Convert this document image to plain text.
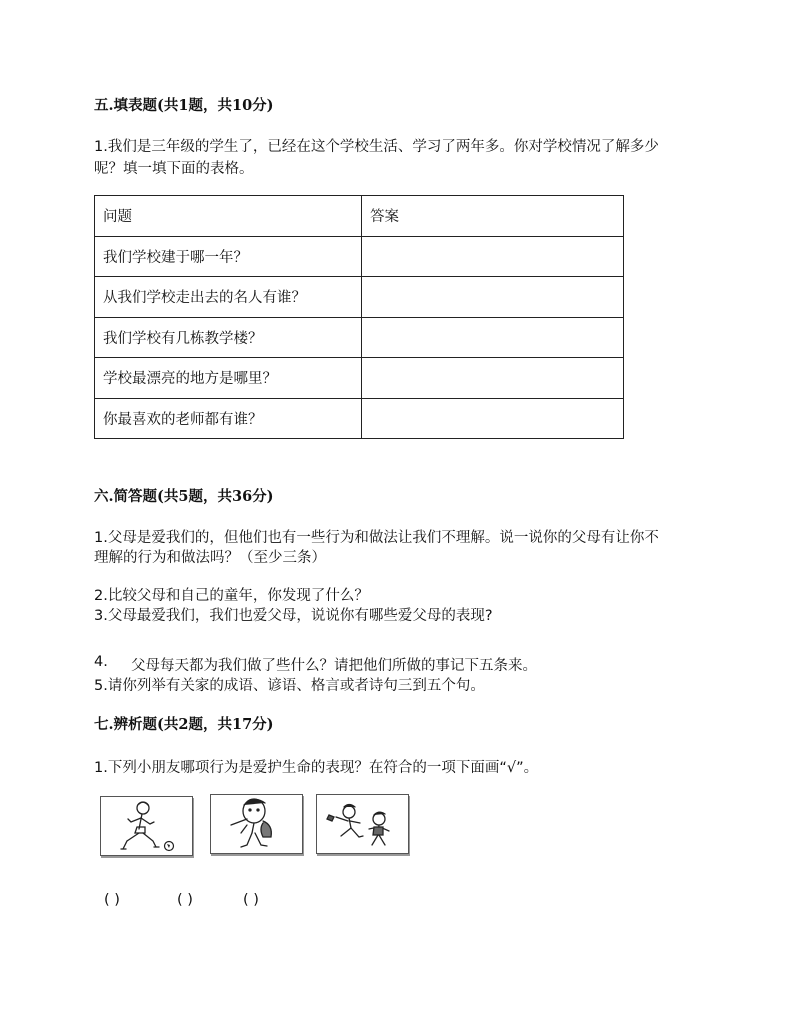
五.填表题(共1题，共10分)
1.我们是三年级的学生了，已经在这个学校生活、学习了两年多。你对学校情况了解多少
呢？填一填下面的表格。
问题	答案
我们学校建于哪一年？	
从我们学校走出去的名人有谁？	
我们学校有几栋教学楼？	
学校最漂亮的地方是哪里？	
你最喜欢的老师都有谁？	
六.简答题(共5题，共36分)
1.父母是爱我们的，但他们也有一些行为和做法让我们不理解。说一说你的父母有让你不
理解的行为和做法吗？（至少三条）
2.比较父母和自己的童年，你发现了什么？
3.父母最爱我们，我们也爱父母，说说你有哪些爱父母的表现?
4. 父母每天都为我们做了些什么？请把他们所做的事记下五条来。
5.请你列举有关家的成语、谚语、格言或者诗句三到五个句。
七.辨析题(共2题，共17分)
1.下列小朋友哪项行为是爱护生命的表现？在符合的一项下面画“√”。
( )	( )	( )
